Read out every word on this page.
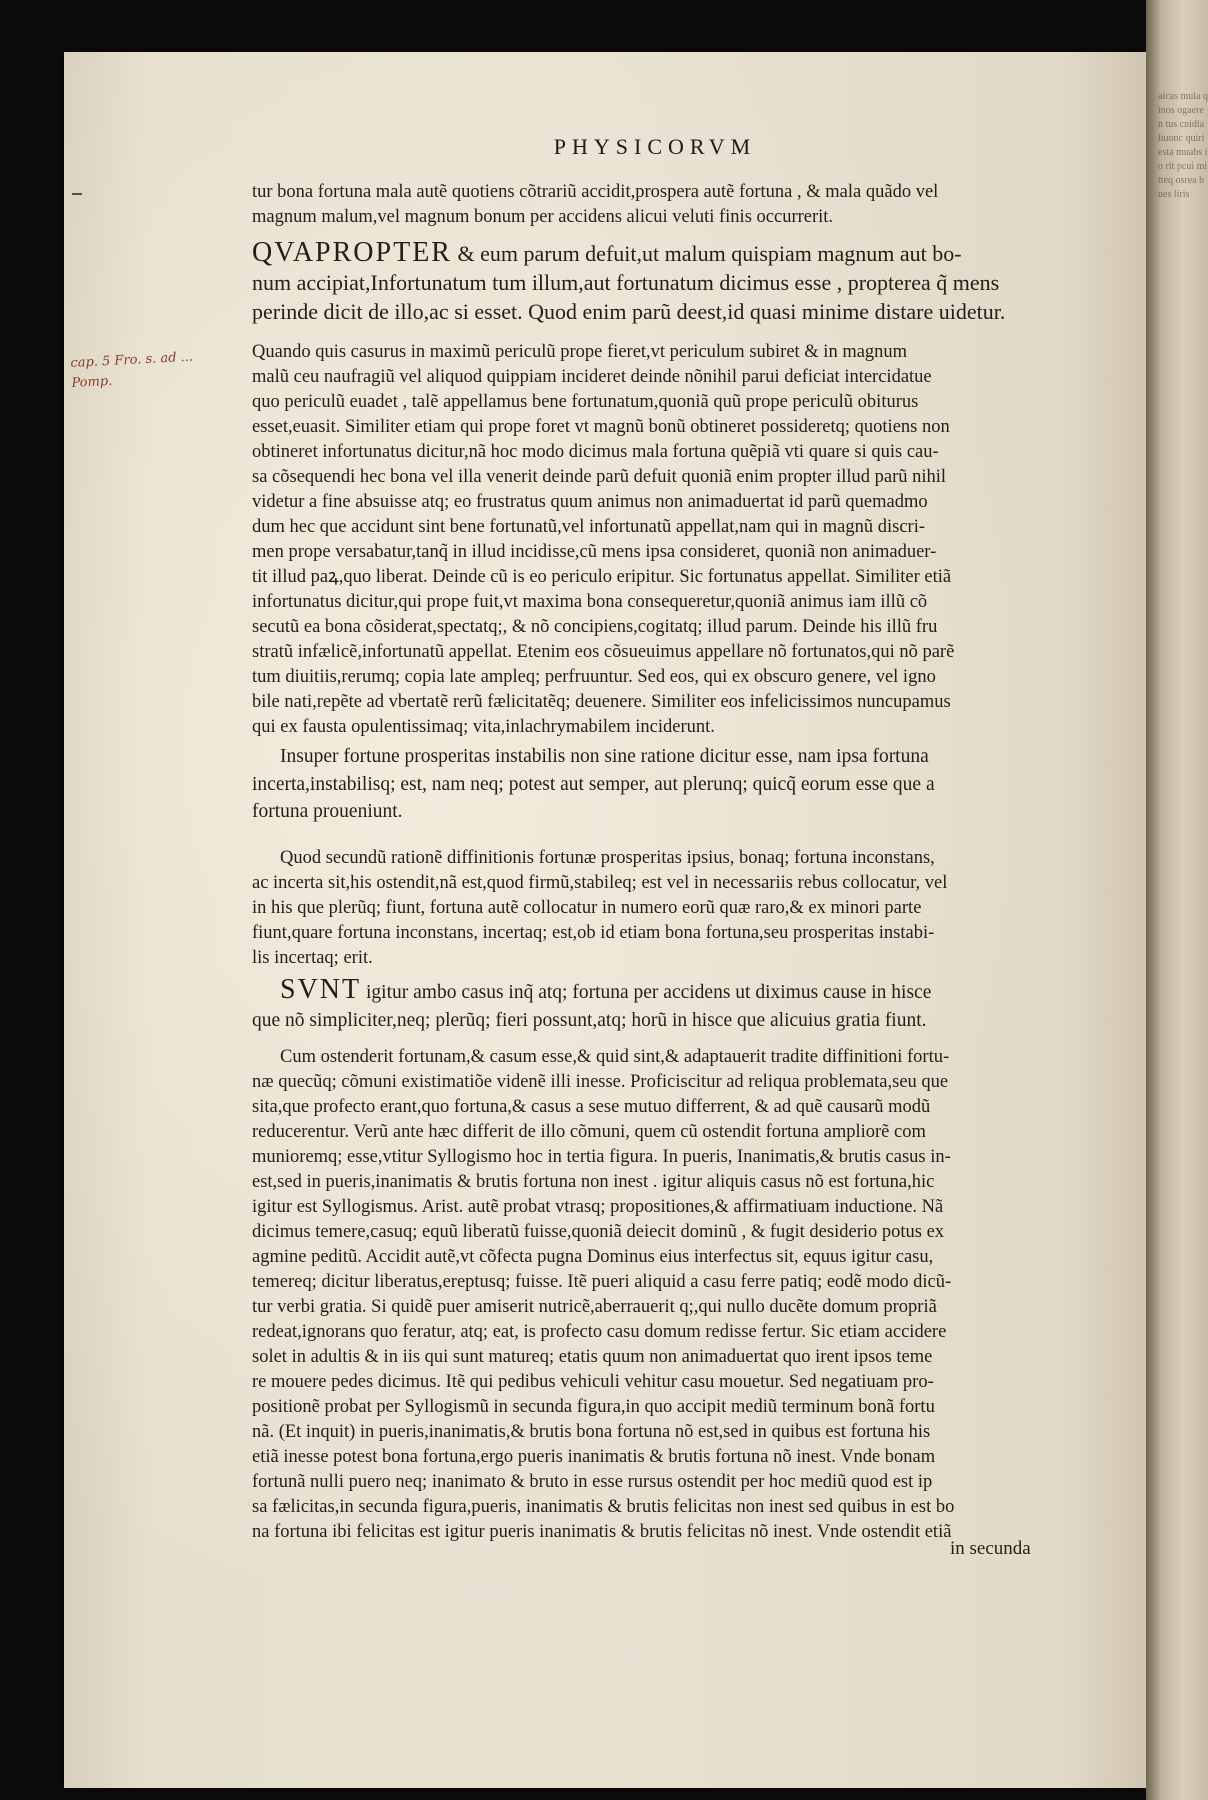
aicas mula qinos ogaeren tus cnidia liuonc quiri esta muabs io rit pcui mitteq osrea bues liris
PHYSICORVM
cap. 5 Fro. s. ad ...
Pomp.
tur bona fortuna mala autẽ quotiens cõtrariũ accidit,prospera autẽ fortuna , & mala quãdo vel
magnum malum,vel magnum bonum per accidens alicui veluti finis occurrerit.
QVAPROPTER & eum parum defuit,ut malum quispiam magnum aut bo-
num accipiat,Infortunatum tum illum,aut fortunatum dicimus esse , propterea q̃ mens
perinde dicit de illo,ac si esset. Quod enim parũ deest,id quasi minime distare uidetur.
Quando quis casurus in maximũ periculũ prope fieret,vt periculum subiret & in magnum
malũ ceu naufragiũ vel aliquod quippiam incideret deinde nõnihil parui deficiat intercidatue
quo periculũ euadet , talẽ appellamus bene fortunatum,quoniã quũ prope periculũ obiturus
esset,euasit. Similiter etiam qui prope foret vt magnũ bonũ obtineret possideretq; quotiens non
obtineret infortunatus dicitur,nã hoc modo dicimus mala fortuna quẽpiã vti quare si quis cau-
sa cõsequendi hec bona vel illa venerit deinde parũ defuit quoniã enim propter illud parũ nihil
videtur a fine absuisse atq; eo frustratus quum animus non animaduertat id parũ quemadmo
dum hec que accidunt sint bene fortunatũ,vel infortunatũ appellat,nam qui in magnũ discri-
men prope versabatur,tanq̃ in illud incidisse,cũ mens ipsa consideret, quoniã non animaduer-
tit illud paꝝ,quo liberat. Deinde cũ is eo periculo eripitur. Sic fortunatus appellat. Similiter etiã
infortunatus dicitur,qui prope fuit,vt maxima bona consequeretur,quoniã animus iam illũ cõ
secutũ ea bona cõsiderat,spectatq;, & nõ concipiens,cogitatq; illud parum. Deinde his illũ fru
stratũ infælicẽ,infortunatũ appellat. Etenim eos cõsueuimus appellare nõ fortunatos,qui nõ parẽ
tum diuitiis,rerumq; copia late ampleq; perfruuntur. Sed eos, qui ex obscuro genere, vel igno
bile nati,repẽte ad vbertatẽ rerũ fælicitatẽq; deuenere. Similiter eos infelicissimos nuncupamus
qui ex fausta opulentissimaq; vita,inlachrymabilem inciderunt.
Insuper fortune prosperitas instabilis non sine ratione dicitur esse, nam ipsa fortuna
incerta,instabilisq; est, nam neq; potest aut semper, aut plerunq; quicq̃ eorum esse que a
fortuna proueniunt.
Quod secundũ rationẽ diffinitionis fortunæ prosperitas ipsius, bonaq; fortuna inconstans,
ac incerta sit,his ostendit,nã est,quod firmũ,stabileq; est vel in necessariis rebus collocatur, vel
in his que plerũq; fiunt, fortuna autẽ collocatur in numero eorũ quæ raro,& ex minori parte
fiunt,quare fortuna inconstans, incertaq; est,ob id etiam bona fortuna,seu prosperitas instabi-
lis incertaq; erit.
SVNT igitur ambo casus inq̃ atq; fortuna per accidens ut diximus cause in hisce
que nõ simpliciter,neq; plerũq; fieri possunt,atq; horũ in hisce que alicuius gratia fiunt.
Cum ostenderit fortunam,& casum esse,& quid sint,& adaptauerit tradite diffinitioni fortu-
næ quecũq; cõmuni existimatiõe videnẽ illi inesse. Proficiscitur ad reliqua problemata,seu que
sita,que profecto erant,quo fortuna,& casus a sese mutuo differrent, & ad quẽ causarũ modũ
reducerentur. Verũ ante hæc differit de illo cõmuni, quem cũ ostendit fortuna ampliorẽ com
munioremq; esse,vtitur Syllogismo hoc in tertia figura. In pueris, Inanimatis,& brutis casus in-
est,sed in pueris,inanimatis & brutis fortuna non inest . igitur aliquis casus nõ est fortuna,hic
igitur est Syllogismus. Arist. autẽ probat vtrasq; propositiones,& affirmatiuam inductione. Nã
dicimus temere,casuq; equũ liberatũ fuisse,quoniã deiecit dominũ , & fugit desiderio potus ex
agmine peditũ. Accidit autẽ,vt cõfecta pugna Dominus eius interfectus sit, equus igitur casu,
temereq; dicitur liberatus,ereptusq; fuisse. Itẽ pueri aliquid a casu ferre patiq; eodẽ modo dicũ-
tur verbi gratia. Si quidẽ puer amiserit nutricẽ,aberrauerit q;,qui nullo ducẽte domum propriã
redeat,ignorans quo feratur, atq; eat, is profecto casu domum redisse fertur. Sic etiam accidere
solet in adultis & in iis qui sunt matureq; etatis quum non animaduertat quo irent ipsos teme
re mouere pedes dicimus. Itẽ qui pedibus vehiculi vehitur casu mouetur. Sed negatiuam pro-
positionẽ probat per Syllogismũ in secunda figura,in quo accipit mediũ terminum bonã fortu
nã. (Et inquit) in pueris,inanimatis,& brutis bona fortuna nõ est,sed in quibus est fortuna his
etiã inesse potest bona fortuna,ergo pueris inanimatis & brutis fortuna nõ inest. Vnde bonam
fortunã nulli puero neq; inanimato & bruto in esse rursus ostendit per hoc mediũ quod est ip
sa fælicitas,in secunda figura,pueris, inanimatis & brutis felicitas non inest sed quibus in est bo
na fortuna ibi felicitas est igitur pueris inanimatis & brutis felicitas nõ inest. Vnde ostendit etiã
in secunda
